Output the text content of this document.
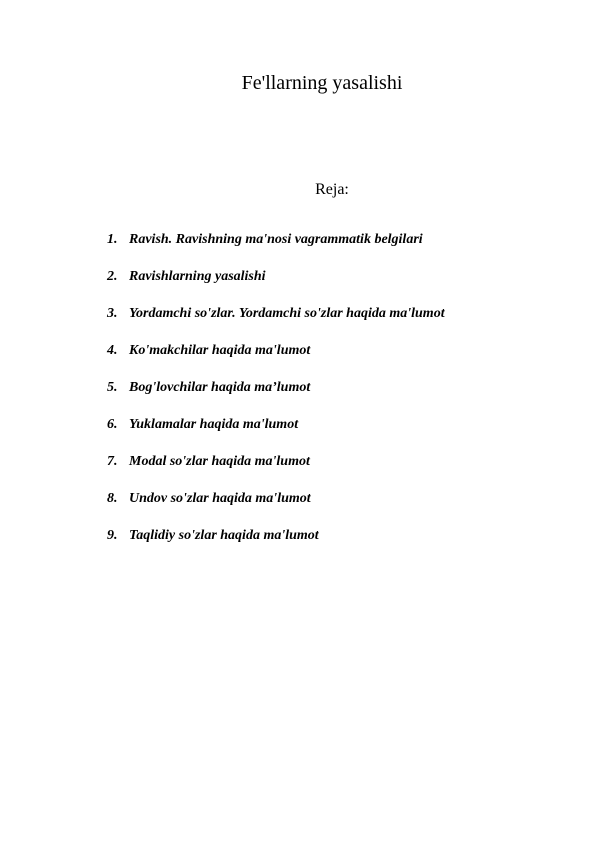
Fe'llarning yasalishi
Reja:
1. Ravish. Ravishning ma'nosi vagrammatik belgilari
2. Ravishlarning yasalishi
3. Yordamchi so'zlar. Yordamchi so'zlar haqida ma'lumot
4. Ko'makchilar haqida ma'lumot
5. Bog'lovchilar haqida ma’lumot
6. Yuklamalar haqida ma'lumot
7. Modal so'zlar haqida ma'lumot
8. Undov so'zlar haqida ma'lumot
9. Taqlidiy so'zlar haqida ma'lumot
